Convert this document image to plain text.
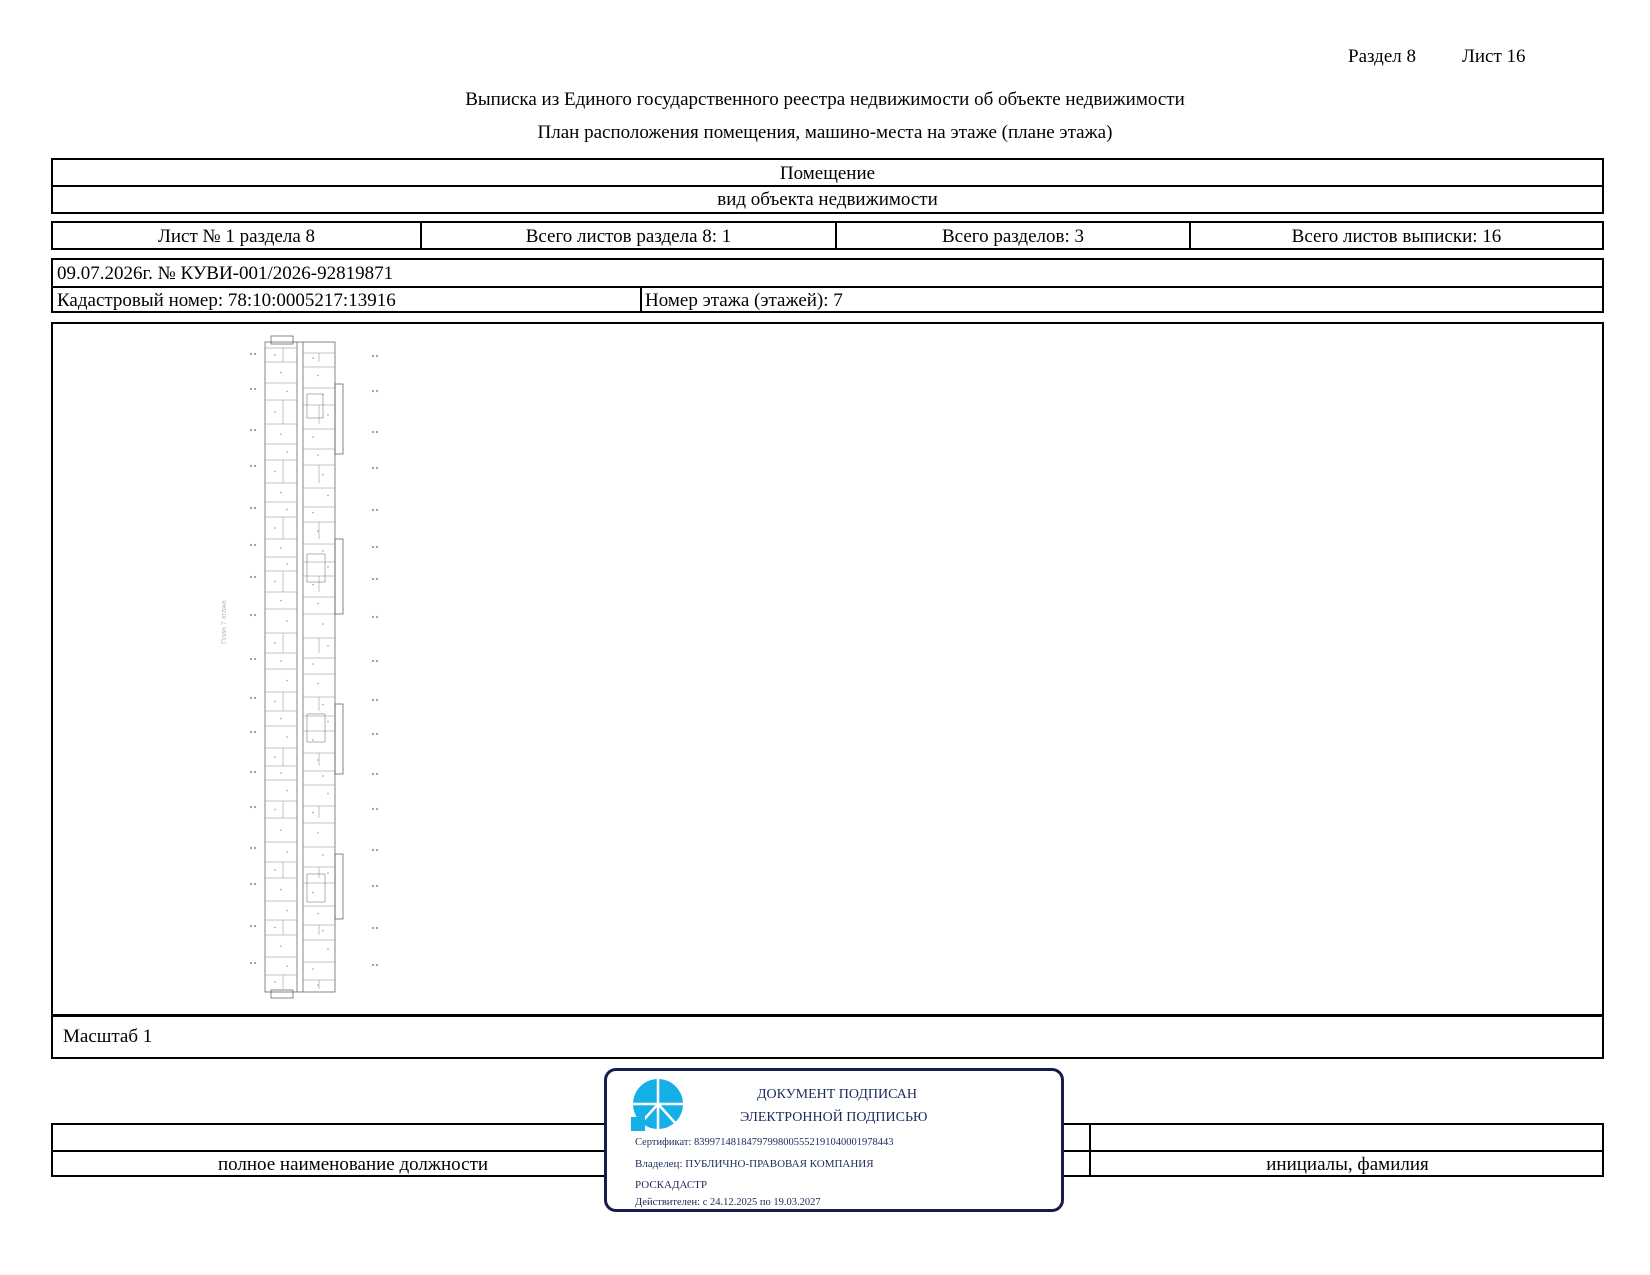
Раздел 8 Лист 16
Выписка из Единого государственного реестра недвижимости об объекте недвижимости
План расположения помещения, машино-места на этаже (плане этажа)
Помещение
вид объекта недвижимости
Лист № 1 раздела 8	Всего листов раздела 8: 1	Всего разделов: 3	Всего листов выписки: 16
09.07.2026г. № КУВИ-001/2026-92819871
Кадастровый номер: 78:10:0005217:13916	Номер этажа (этажей): 7
План 7 этажа
Масштаб 1
полное наименование должности	инициалы, фамилия
ДОКУМЕНТ ПОДПИСАН
ЭЛЕКТРОННОЙ ПОДПИСЬЮ
Сертификат: 839971481847979980055521910400019784​43
Владелец: ПУБЛИЧНО-ПРАВОВАЯ КОМПАНИЯ
РОСКАДАСТР
Действителен: с 24.12.2025 по 19.03.2027
